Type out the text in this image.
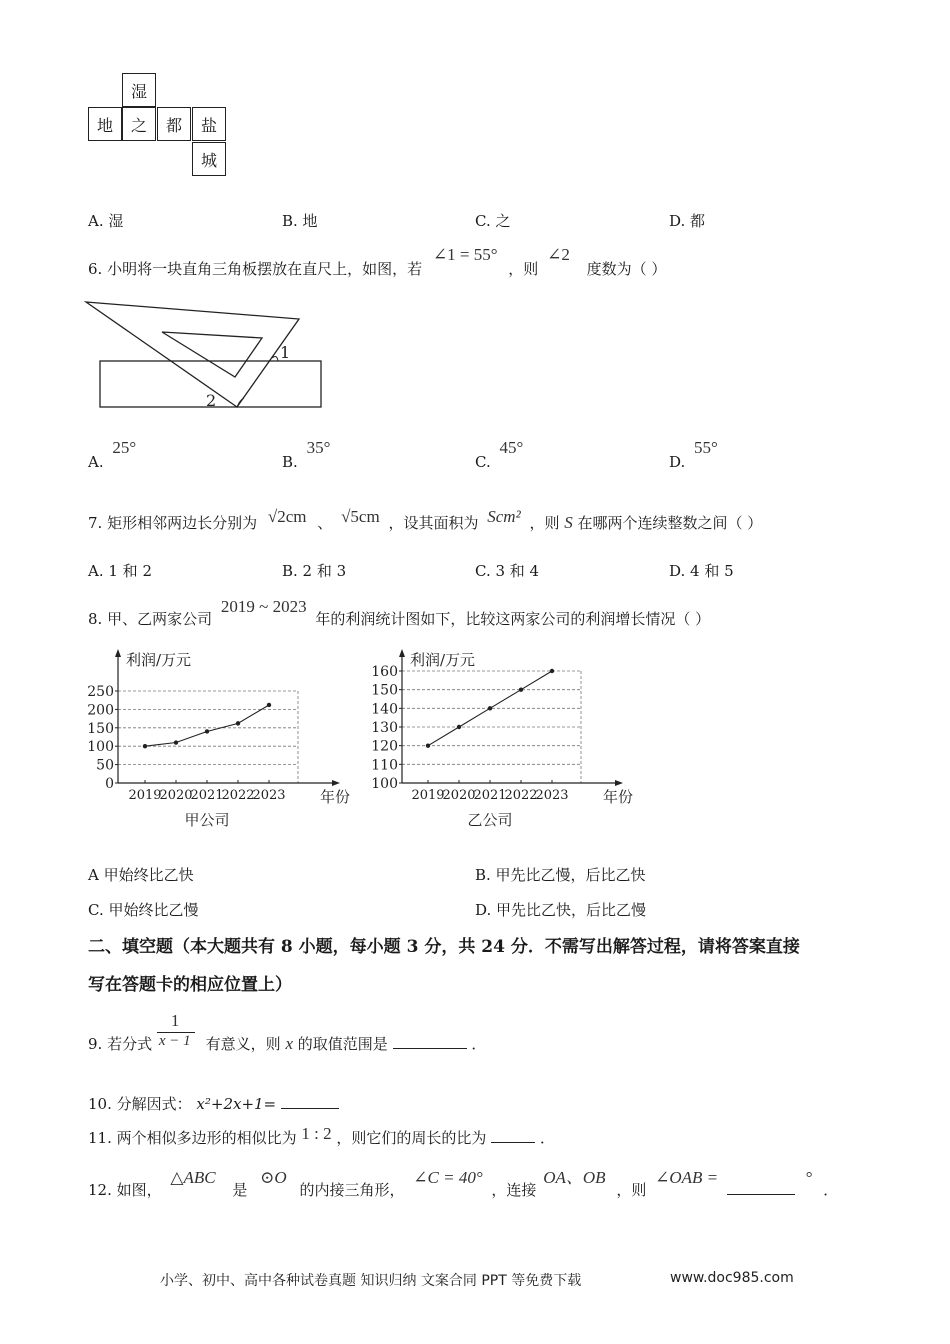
湿
地	之	都	盐
城
A. 湿	B. 地	C. 之	D. 都
6. 小明将一块直角三角板摆放在直尺上，如图，若 ∠1 = 55° ，则 ∠2 度数为（ ）
1
2
A. 25°
B. 35°
C. 45°
D. 55°
7. 矩形相邻两边长分别为 √2cm 、 √5cm ，设其面积为 Scm² ，则 S 在哪两个连续整数之间（ ）
A. 1 和 2	B. 2 和 3	C. 3 和 4	D. 4 和 5
8. 甲、乙两家公司 2019 ~ 2023 年的利润统计图如下，比较这两家公司的利润增长情况（ ）
0
50
100
150
200
250
利润/万元
年份
2019
2020
2021
2022
2023
甲公司
100
110
120
130
140
150
160
利润/万元
年份
2019
2020
2021
2022
2023
乙公司
A 甲始终比乙快	B. 甲先比乙慢，后比乙快
C. 甲始终比乙慢	D. 甲先比乙快，后比乙慢
二、填空题（本大题共有 8 小题，每小题 3 分，共 24 分．不需写出解答过程，请将答案直接
写在答题卡的相应位置上）
9. 若分式 $\frac{1}{x - 1}$ 有意义，则 x 的取值范围是	．
10. 分解因式： x²+2x+1=
11. 两个相似多边形的相似比为 1 : 2 ，则它们的周长的比为	．
12. 如图， △ABC 是 ⊙O 的内接三角形， ∠C = 40° ，连接 OA、OB ，则 ∠OAB =	° ．
小学、初中、高中各种试卷真题 知识归纳 文案合同 PPT 等免费下载	www.doc985.com
